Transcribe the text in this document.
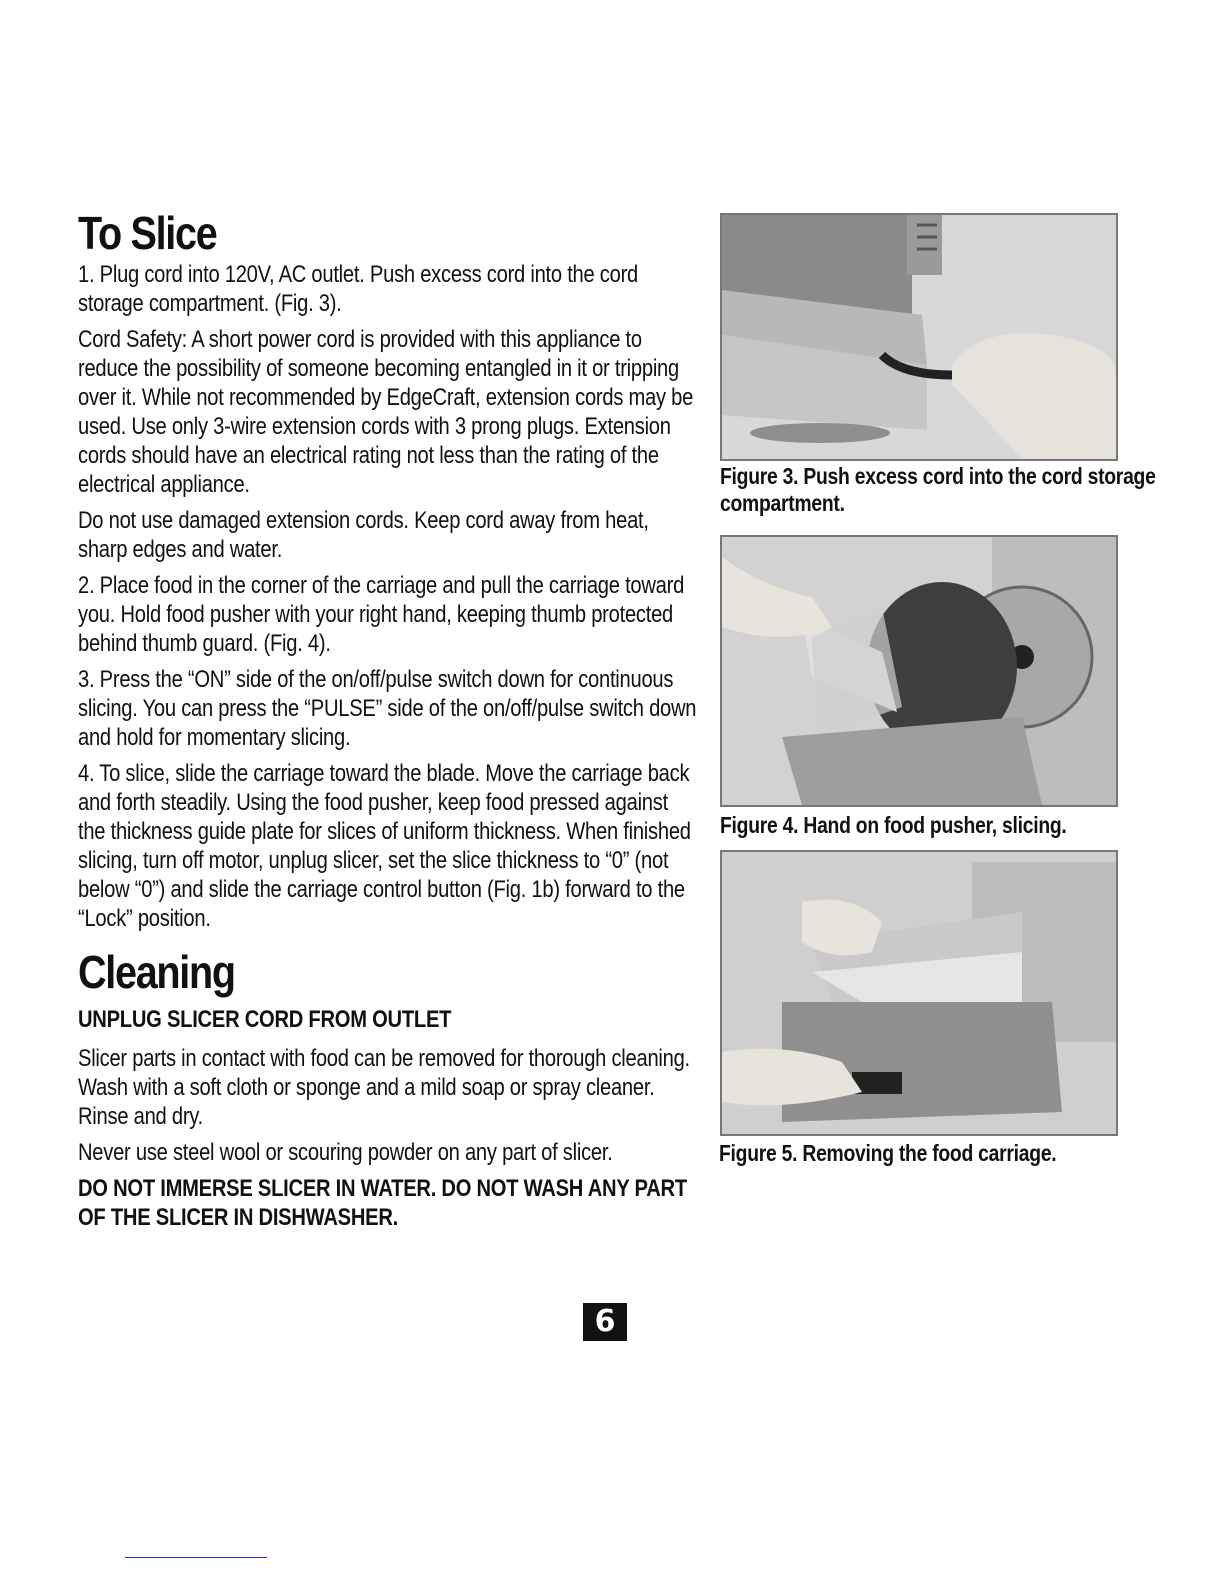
To Slice

1. Plug cord into 120V, AC outlet. Push excess cord into the cord storage compartment. (Fig. 3).

Cord Safety: A short power cord is provided with this appliance to reduce the possibility of someone becoming entangled in it or tripping over it. While not recommended by EdgeCraft, extension cords may be used. Use only 3-wire extension cords with 3 prong plugs. Extension cords should have an electrical rating not less than the rating of the electrical appliance.

Do not use damaged extension cords. Keep cord away from heat, sharp edges and water.

2. Place food in the corner of the carriage and pull the carriage toward you. Hold food pusher with your right hand, keeping thumb protected behind thumb guard. (Fig. 4).

3. Press the “ON” side of the on/off/pulse switch down for continuous slicing. You can press the “PULSE” side of the on/off/pulse switch down and hold for momentary slicing.

4. To slice, slide the carriage toward the blade. Move the carriage back and forth steadily. Using the food pusher, keep food pressed against the thickness guide plate for slices of uniform thickness. When finished slicing, turn off motor, unplug slicer, set the slice thickness to “0” (not below “0”) and slide the carriage control button (Fig. 1b) forward to the “Lock” position.

Cleaning

UNPLUG SLICER CORD FROM OUTLET

Slicer parts in contact with food can be removed for thorough cleaning. Wash with a soft cloth or sponge and a mild soap or spray cleaner. Rinse and dry.

Never use steel wool or scouring powder on any part of slicer.

DO NOT IMMERSE SLICER IN WATER. DO NOT WASH ANY PART OF THE SLICER IN DISHWASHER.

Figure 3. Push excess cord into the cord storage compartment.
Figure 4. Hand on food pusher, slicing.
Figure 5. Removing the food carriage.
6
